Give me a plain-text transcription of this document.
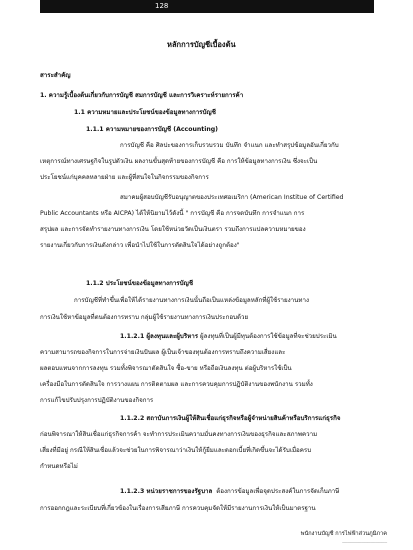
128
หลักการบัญชีเบื้องต้น
สาระสำคัญ
1. ความรู้เบื้องต้นเกี่ยวกับการบัญชี สมการบัญชี และการวิเคราะห์รายการค้า
1.1 ความหมายและประโยชน์ของข้อมูลทางการบัญชี
1.1.1 ความหมายของการบัญชี (Accounting)
การบัญชี คือ ศิลปะของการเก็บรวบรวม บันทึก จำแนก และทำสรุปข้อมูลอันเกี่ยวกับ
เหตุการณ์ทางเศรษฐกิจในรูปตัวเงิน ผลงานขั้นสุดท้ายของการบัญชี คือ การให้ข้อมูลทางการเงิน ซึ่งจะเป็น
ประโยชน์แก่บุคคลหลายฝ่าย และผู้ที่สนใจในกิจกรรมของกิจการ
สมาคมผู้สอบบัญชีรับอนุญาตของประเทศอเมริกา (American Institue of Certified
Public Accountants หรือ AICPA) ได้ให้นิยามไว้ดังนี้ " การบัญชี คือ การจดบันทึก การจำแนก การ
สรุปผล และการจัดทำรายงานทางการเงิน โดยใช้หน่วยวัดเป็นเงินตรา รวมถึงการแปลความหมายของ
รายงานเกี่ยวกับการเงินดังกล่าว เพื่อนำไปใช้ในการตัดสินใจได้อย่างถูกต้อง"
1.1.2 ประโยชน์ของข้อมูลทางการบัญชี
การบัญชีที่ทำขึ้นเพื่อให้ได้รายงานทางการเงินนั้นถือเป็นแหล่งข้อมูลหลักที่ผู้ใช้รายงานทาง
การเงินใช้หาข้อมูลที่ตนต้องการทราบ กลุ่มผู้ใช้รายงานทางการเงินประกอบด้วย
1.1.2.1 ผู้ลงทุนและผู้บริหาร ผู้ลงทุนที่เป็นผู้มีทุนต้องการใช้ข้อมูลที่จะช่วยประเมิน
ความสามารถของกิจการในการจ่ายเงินปันผล ผู้เป็นเจ้าของทุนต้องการทราบถึงความเสี่ยงและ
ผลตอบแทนจากการลงทุน รวมทั้งพิจารณาตัดสินใจ ซื้อ-ขาย หรือถือเงินลงทุน ต่อผู้บริหารใช้เป็น
เครื่องมือในการตัดสินใจ การวางแผน การติดตามผล และการควบคุมการปฏิบัติงานของพนักงาน รวมทั้ง
การแก้ไขปรับปรุงการปฏิบัติงานของกิจการ
1.1.2.2 สถาบันการเงินผู้ให้สินเชื่อแก่ธุรกิจหรือผู้จำหน่ายสินค้าหรือบริการแก่ธุรกิจ
ก่อนพิจารณาให้สินเชื่อแก่ธุรกิจการค้า จะทำการประเมินความมั่นคงทางการเงินของธุรกิจและสภาพความ
เสี่ยงที่มีอยู่ กรณีให้สินเชื่อแล้วจะช่วยในการพิจารณาว่าเงินให้กู้ยืมและดอกเบี้ยที่เกิดขึ้นจะได้รับเมื่อครบ
กำหนดหรือไม่
1.1.2.3 หน่วยราชการของรัฐบาล ต้องการข้อมูลเพื่อจุดประสงค์ในการจัดเก็บภาษี
การออกกฎและระเบียบที่เกี่ยวข้องในเรื่องการเสียภาษี การควบคุมจัดให้มีรายงานการเงินให้เป็นมาตรฐาน
พนักงานบัญชี การไฟฟ้าส่วนภูมิภาค
________________
